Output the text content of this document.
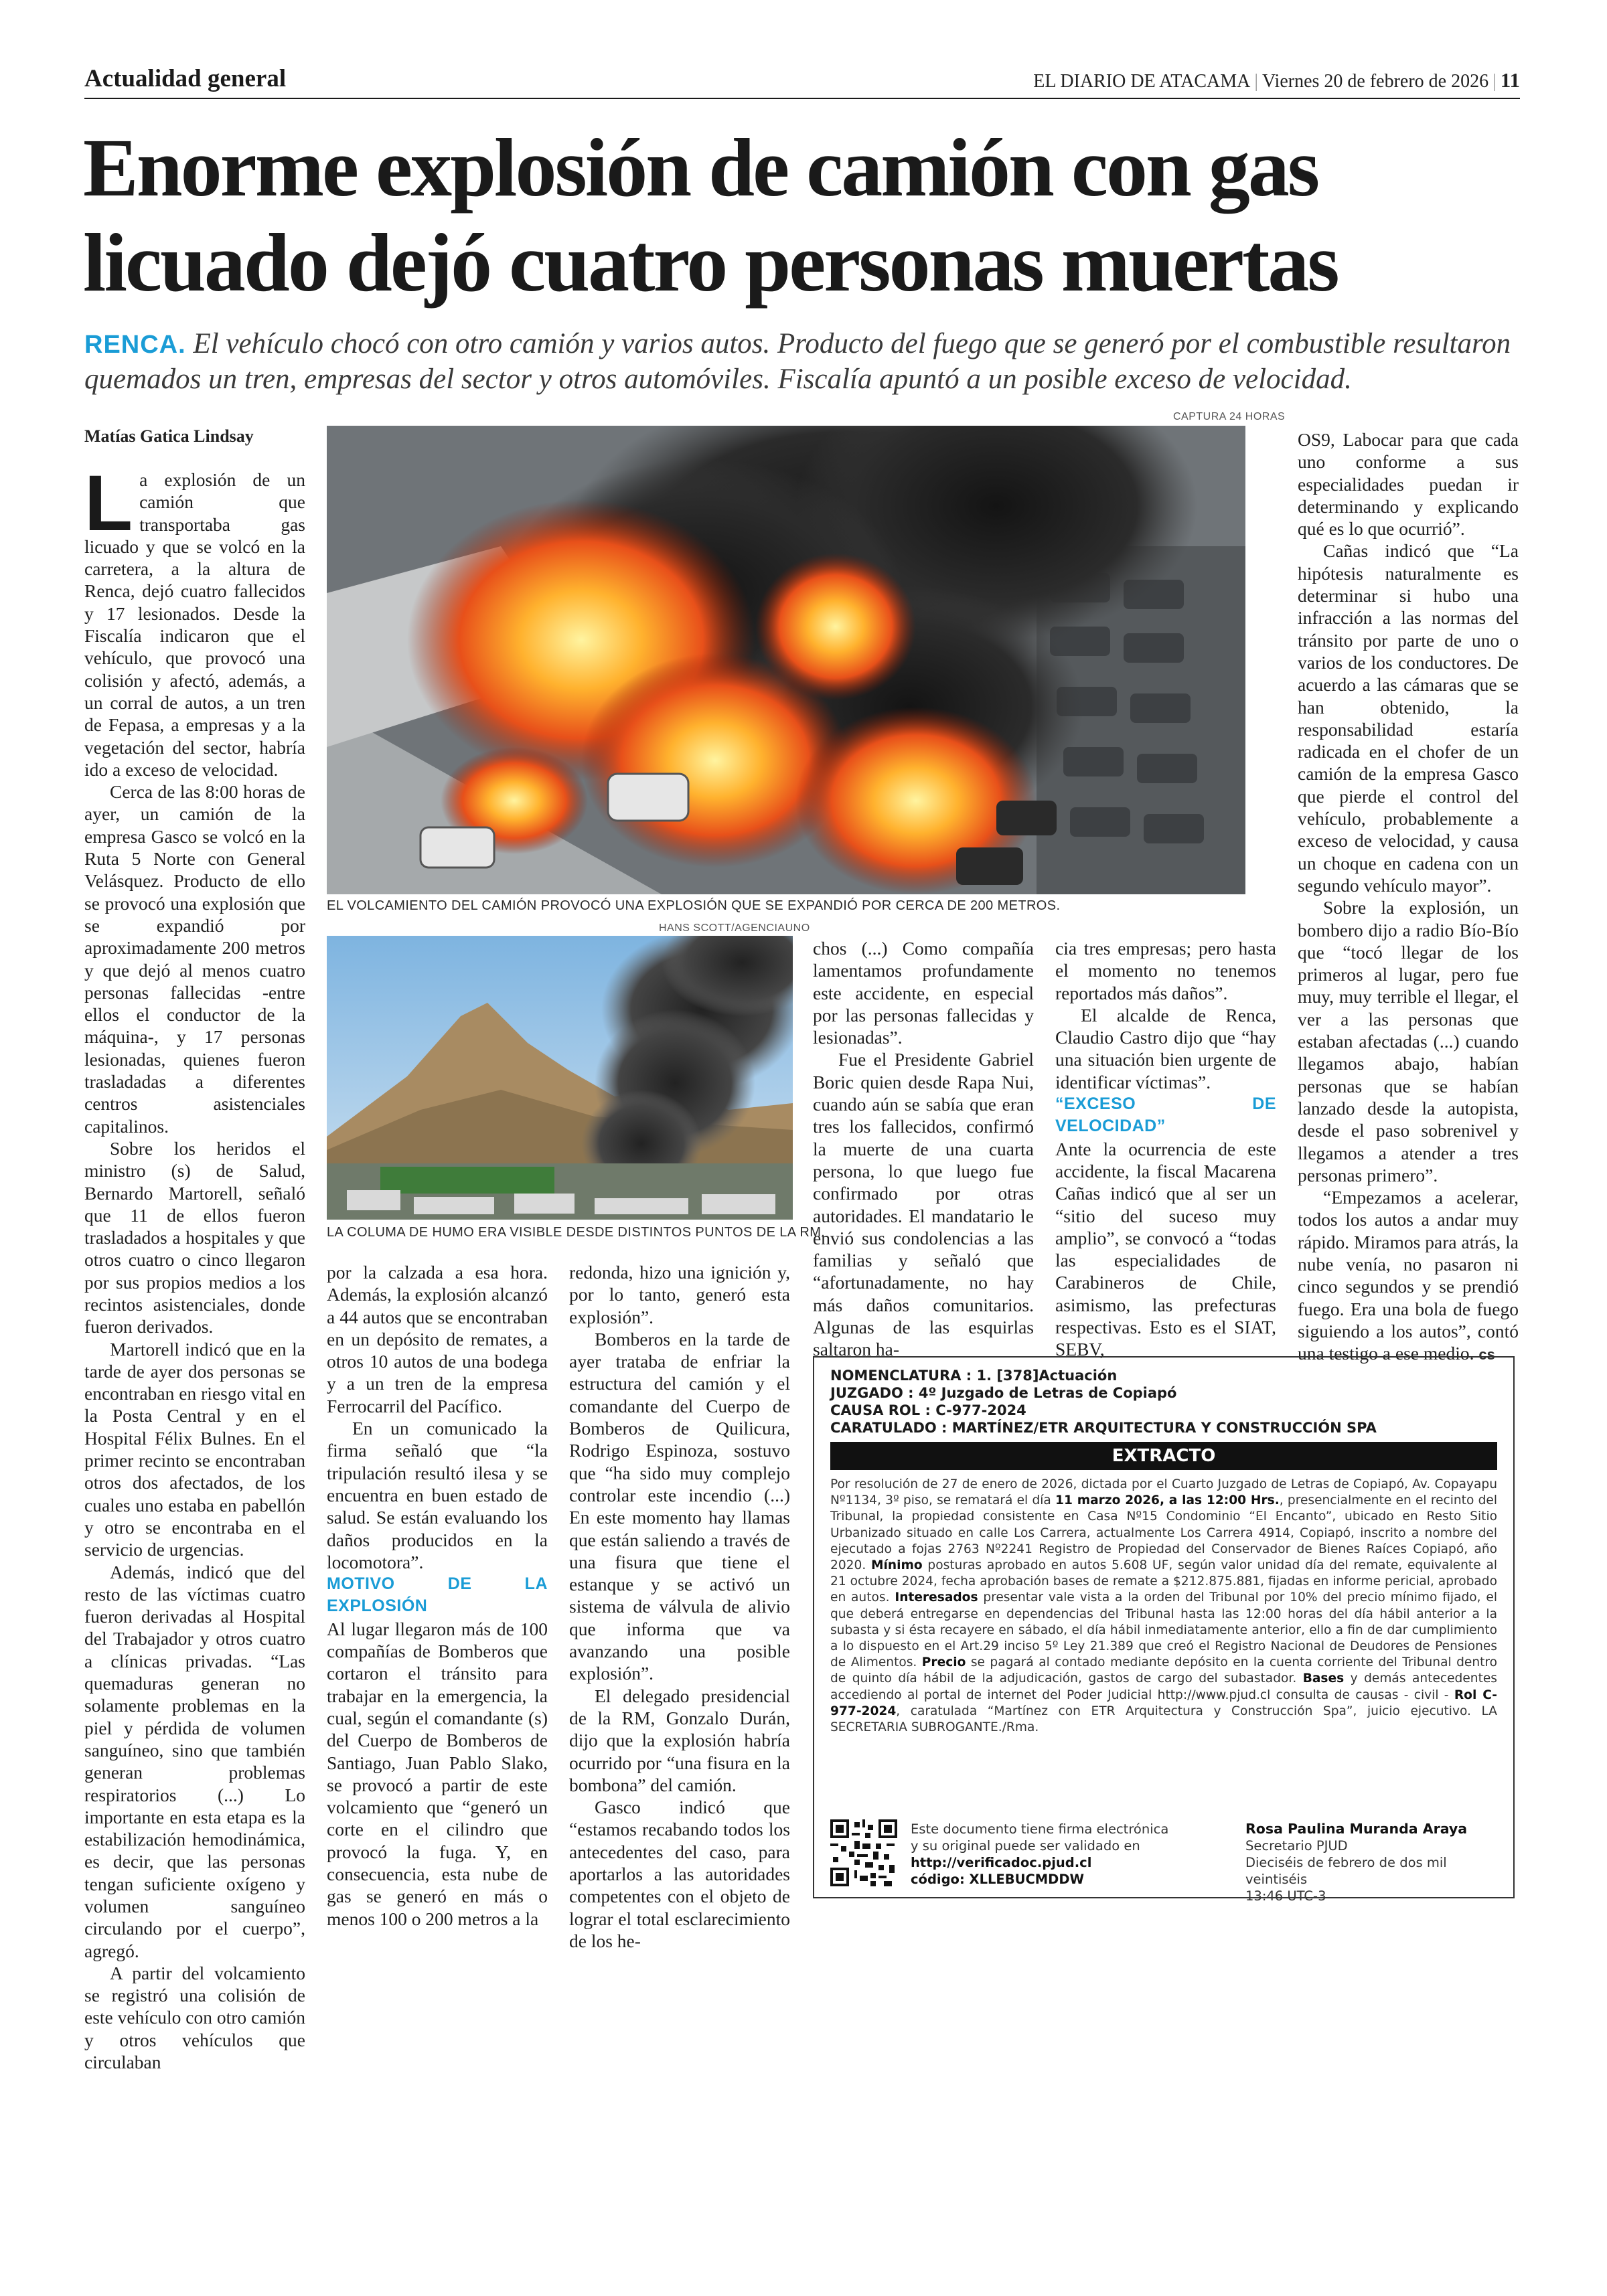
Actualidad general	EL DIARIO DE ATACAMA | Viernes 20 de febrero de 2026 | 11
Enorme explosión de camión con gas licuado dejó cuatro personas muertas
RENCA. El vehículo chocó con otro camión y varios autos. Producto del fuego que se generó por el combustible resultaron quemados un tren, empresas del sector y otros automóviles. Fiscalía apuntó a un posible exceso de velocidad.
Matías Gatica Lindsay

La explosión de un camión que transportaba gas licuado y que se volcó en la carretera, a la altura de Renca, dejó cuatro fallecidos y 17 lesionados. Desde la Fiscalía indicaron que el vehículo, que provocó una colisión y afectó, además, a un corral de autos, a un tren de Fepasa, a empresas y a la vegetación del sector, habría ido a exceso de velocidad.

Cerca de las 8:00 horas de ayer, un camión de la empresa Gasco se volcó en la Ruta 5 Norte con General Velásquez. Producto de ello se provocó una explosión que se expandió por aproximadamente 200 metros y que dejó al menos cuatro personas fallecidas -entre ellos el conductor de la máquina-, y 17 personas lesionadas, quienes fueron trasladadas a diferentes centros asistenciales capitalinos.

Sobre los heridos el ministro (s) de Salud, Bernardo Martorell, señaló que 11 de ellos fueron trasladados a hospitales y que otros cuatro o cinco llegaron por sus propios medios a los recintos asistenciales, donde fueron derivados.

Martorell indicó que en la tarde de ayer dos personas se encontraban en riesgo vital en la Posta Central y en el Hospital Félix Bulnes. En el primer recinto se encontraban otros dos afectados, de los cuales uno estaba en pabellón y otro se encontraba en el servicio de urgencias.

Además, indicó que del resto de las víctimas cuatro fueron derivadas al Hospital del Trabajador y otros cuatro a clínicas privadas. “Las quemaduras generan no solamente problemas en la piel y pérdida de volumen sanguíneo, sino que también generan problemas respiratorios (...) Lo importante en esta etapa es la estabilización hemodinámica, es decir, que las personas tengan suficiente oxígeno y volumen sanguíneo circulando por el cuerpo”, agregó.

A partir del volcamiento se registró una colisión de este vehículo con otro camión y otros vehículos que circulaban

CAPTURA 24 HORAS
EL VOLCAMIENTO DEL CAMIÓN PROVOCÓ UNA EXPLOSIÓN QUE SE EXPANDIÓ POR CERCA DE 200 METROS.
HANS SCOTT/AGENCIAUNO
LA COLUMA DE HUMO ERA VISIBLE DESDE DISTINTOS PUNTOS DE LA RM.

por la calzada a esa hora. Además, la explosión alcanzó a 44 autos que se encontraban en un depósito de remates, a otros 10 autos de una bodega y a un tren de la empresa Ferrocarril del Pacífico.

En un comunicado la firma señaló que “la tripulación resultó ilesa y se encuentra en buen estado de salud. Se están evaluando los daños producidos en la locomotora”.

MOTIVO DE LA EXPLOSIÓN

Al lugar llegaron más de 100 compañías de Bomberos que cortaron el tránsito para trabajar en la emergencia, la cual, según el comandante (s) del Cuerpo de Bomberos de Santiago, Juan Pablo Slako, se provocó a partir de este volcamiento que “generó un corte en el cilindro que provocó la fuga. Y, en consecuencia, esta nube de gas se generó en más o menos 100 o 200 metros a la

chos (...) Como compañía lamentamos profundamente este accidente, en especial por las personas fallecidas y lesionadas”.

Fue el Presidente Gabriel Boric quien desde Rapa Nui, cuando aún se sabía que eran tres los fallecidos, confirmó la muerte de una cuarta persona, lo que luego fue confirmado por otras autoridades. El mandatario le envió sus condolencias a las familias y señaló que “afortunadamente, no hay más daños comunitarios. Algunas de las esquirlas saltaron ha-

redonda, hizo una ignición y, por lo tanto, generó esta explosión”.

Bomberos en la tarde de ayer trataba de enfriar la estructura del camión y el comandante del Cuerpo de Bomberos de Quilicura, Rodrigo Espinoza, sostuvo que “ha sido muy complejo controlar este incendio (...) En este momento hay llamas que están saliendo a través de una fisura que tiene el estanque y se activó un sistema de válvula de alivio que informa que va avanzando una posible explosión”.

El delegado presidencial de la RM, Gonzalo Durán, dijo que la explosión habría ocurrido por “una fisura en la bombona” del camión.

Gasco indicó que “estamos recabando todos los antecedentes del caso, para aportarlos a las autoridades competentes con el objeto de lograr el total esclarecimiento de los he-

cia tres empresas; pero hasta el momento no tenemos reportados más daños”.

El alcalde de Renca, Claudio Castro dijo que “hay una situación bien urgente de identificar víctimas”.

“EXCESO DE VELOCIDAD”

Ante la ocurrencia de este accidente, la fiscal Macarena Cañas indicó que al ser un “sitio del suceso muy amplio”, se convocó a “todas las especialidades de Carabineros de Chile, asimismo, las prefecturas respectivas. Esto es el SIAT, SEBV,

OS9, Labocar para que cada uno conforme a sus especialidades puedan ir determinando y explicando qué es lo que ocurrió”.

Cañas indicó que “La hipótesis naturalmente es determinar si hubo una infracción a las normas del tránsito por parte de uno o varios de los conductores. De acuerdo a las cámaras que se han obtenido, la responsabilidad estaría radicada en el chofer de un camión de la empresa Gasco que pierde el control del vehículo, probablemente a exceso de velocidad, y causa un choque en cadena con un segundo vehículo mayor”.

Sobre la explosión, un bombero dijo a radio Bío-Bío que “tocó llegar de los primeros al lugar, pero fue muy, muy terrible el llegar, el ver a las personas que estaban afectadas (...) cuando llegamos abajo, habían personas que se habían lanzado desde la autopista, desde el paso sobrenivel y llegamos a atender a tres personas primero”.

“Empezamos a acelerar, todos los autos a andar muy rápido. Miramos para atrás, la nube venía, no pasaron ni cinco segundos y se prendió fuego. Era una bola de fuego siguiendo a los autos”, contó una testigo a ese medio. cs

NOMENCLATURA : 1. [378]Actuación
JUZGADO : 4º Juzgado de Letras de Copiapó
CAUSA ROL : C-977-2024
CARATULADO : MARTÍNEZ/ETR ARQUITECTURA Y CONSTRUCCIÓN SPA
EXTRACTO
Por resolución de 27 de enero de 2026, dictada por el Cuarto Juzgado de Letras de Copiapó, Av. Copayapu Nº1134, 3º piso, se rematará el día 11 marzo 2026, a las 12:00 Hrs., presencialmente en el recinto del Tribunal, la propiedad consistente en Casa Nº15 Condominio “El Encanto”, ubicado en Resto Sitio Urbanizado situado en calle Los Carrera, actualmente Los Carrera 4914, Copiapó, inscrito a nombre del ejecutado a fojas 2763 Nº2241 Registro de Propiedad del Conservador de Bienes Raíces Copiapó, año 2020. Mínimo posturas aprobado en autos 5.608 UF, según valor unidad día del remate, equivalente al 21 octubre 2024, fecha aprobación bases de remate a $212.875.881, fijadas en informe pericial, aprobado en autos. Interesados presentar vale vista a la orden del Tribunal por 10% del precio mínimo fijado, el que deberá entregarse en dependencias del Tribunal hasta las 12:00 horas del día hábil anterior a la subasta y si ésta recayere en sábado, el día hábil inmediatamente anterior, ello a fin de dar cumplimiento a lo dispuesto en el Art.29 inciso 5º Ley 21.389 que creó el Registro Nacional de Deudores de Pensiones de Alimentos. Precio se pagará al contado mediante depósito en la cuenta corriente del Tribunal dentro de quinto día hábil de la adjudicación, gastos de cargo del subastador. Bases y demás antecedentes accediendo al portal de internet del Poder Judicial http://www.pjud.cl consulta de causas - civil - Rol C-977-2024, caratulada “Martínez con ETR Arquitectura y Construcción Spa”, juicio ejecutivo. LA SECRETARIA SUBROGANTE./Rma.
Este documento tiene firma electrónica
y su original puede ser validado en
http://verificadoc.pjud.cl
código: XLLEBUCMDDW
Rosa Paulina Muranda Araya
Secretario PJUD
Dieciséis de febrero de dos mil veintiséis
13:46 UTC-3
